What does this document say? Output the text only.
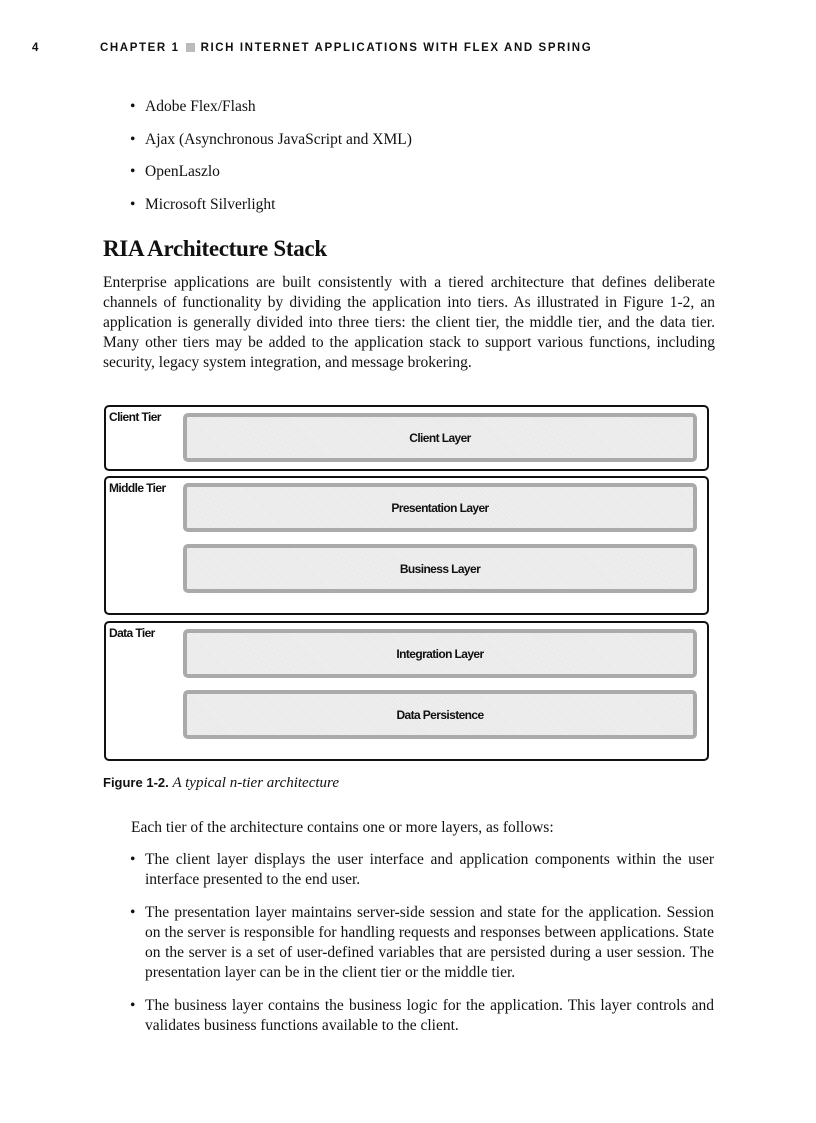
4	CHAPTER 1 RICH INTERNET APPLICATIONS WITH FLEX AND SPRING
• Adobe Flex/Flash
• Ajax (Asynchronous JavaScript and XML)
• OpenLaszlo
• Microsoft Silverlight
RIA Architecture Stack

Enterprise applications are built consistently with a tiered architecture that defines deliberate channels of functionality by dividing the application into tiers. As illustrated in Figure 1-2, an application is generally divided into three tiers: the client tier, the middle tier, and the data tier. Many other tiers may be added to the application stack to support various functions, including security, legacy system integration, and message brokering.

Client Tier
Middle Tier
Data Tier
Client Layer
Presentation Layer
Business Layer
Integration Layer
Data Persistence
Figure 1-2. A typical n-tier architecture
Each tier of the architecture contains one or more layers, as follows:
• The client layer displays the user interface and application components within the user interface presented to the end user.
• The presentation layer maintains server-side session and state for the application. Session on the server is responsible for handling requests and responses between applications. State on the server is a set of user-defined variables that are persisted during a user session. The presentation layer can be in the client tier or the middle tier.
• The business layer contains the business logic for the application. This layer controls and validates business functions available to the client.
